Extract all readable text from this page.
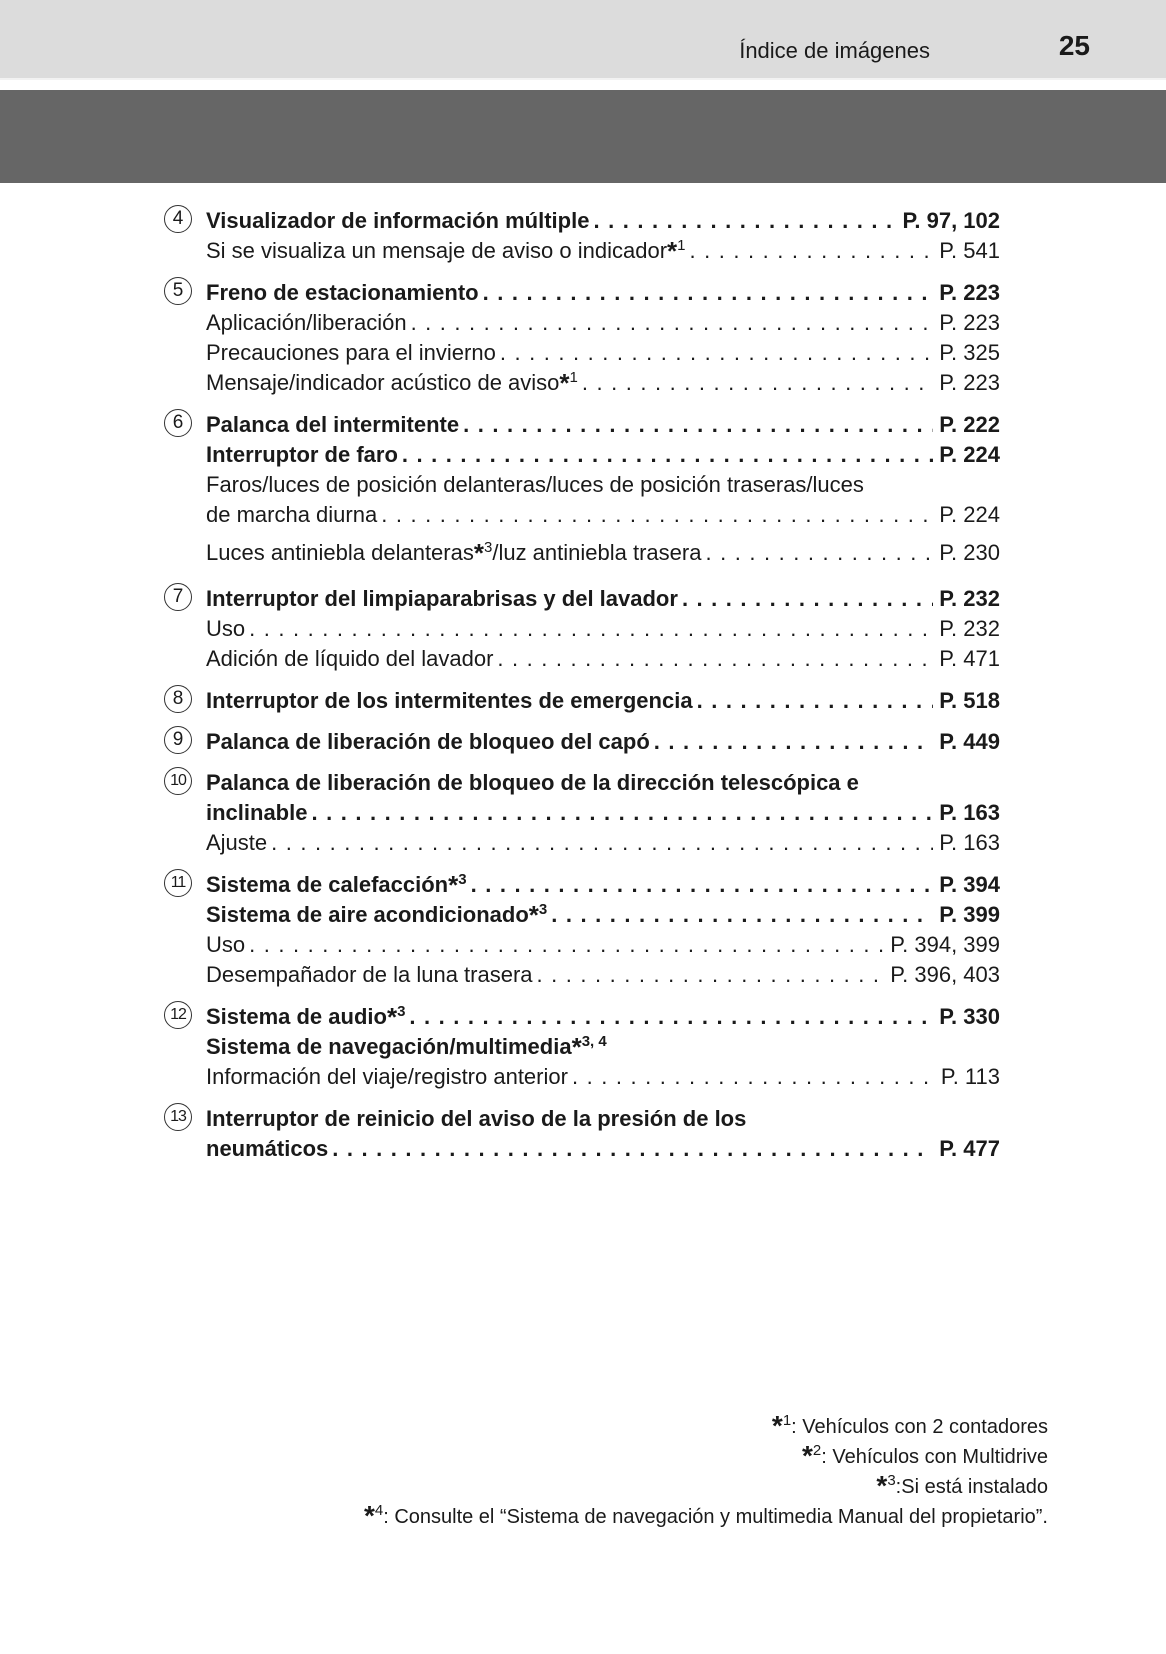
Índice de imágenes	25
4	Visualizador de información múltiple . . .	P. 97, 102
Si se visualiza un mensaje de aviso o indicador*$^1$ . . .	P. 541
5	Freno de estacionamiento . . .	P. 223
Aplicación/liberación . . .	P. 223
Precauciones para el invierno . . .	P. 325
Mensaje/indicador acústico de aviso*$^1$ . . .	P. 223
6	Palanca del intermitente . . .	P. 222
Interruptor de faro . . .	P. 224
Faros/luces de posición delanteras/luces de posición traseras/luces
de marcha diurna . . .	P. 224
Luces antiniebla delanteras*$^3$/luz antiniebla trasera . . .	P. 230
7	Interruptor del limpiaparabrisas y del lavador . . .	P. 232
Uso . . .	P. 232
Adición de líquido del lavador . . .	P. 471
8	Interruptor de los intermitentes de emergencia . . .	P. 518
9	Palanca de liberación de bloqueo del capó . . .	P. 449
10 Palanca de liberación de bloqueo de la dirección telescópica e
inclinable . . .	P. 163
Ajuste . . .	P. 163
11 Sistema de calefacción*$^3$ . . .	P. 394
Sistema de aire acondicionado*$^3$ . . .	P. 399
Uso . . .	P. 394, 399
Desempañador de la luna trasera . . .	P. 396, 403
12 Sistema de audio*$^3$ . . .	P. 330
Sistema de navegación/multimedia*$^{3, 4}$
Información del viaje/registro anterior . . .	P. 113
13 Interruptor de reinicio del aviso de la presión de los
neumáticos . . .	P. 477
*$^1$: Vehículos con 2 contadores
*$^2$: Vehículos con Multidrive
*$^3$:Si está instalado
*$^4$: Consulte el “Sistema de navegación y multimedia Manual del propietario”.
